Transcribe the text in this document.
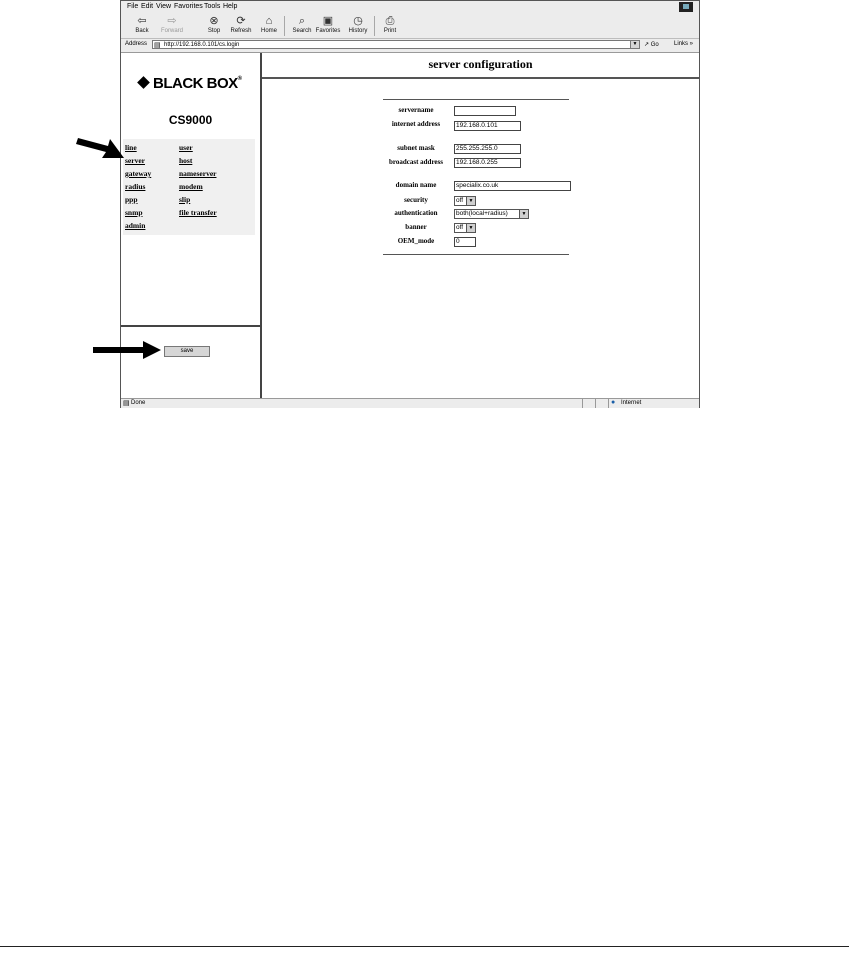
File Edit View Favorites Tools Help
⇦
Back
⇨
Forward
⊗
Stop
⟳
Refresh
⌂
Home
⌕
Search
▣
Favorites
◷
History
⎙
Print
Address ▤ http://192.168.0.101/cs.login	▼ ↗ Go	Links »
BLACK BOX®
CS9000
line	user
server	host
gateway	nameserver
radius	modem
ppp	slip
snmp	file transfer
admin
save
server configuration
servername
internet address	192.168.0.101
subnet mask	255.255.255.0
broadcast address	192.168.0.255
domain name	specialix.co.uk
security	off	▼
authentication	both(local+radius)	▼
banner	off	▼
OEM_mode	0
▤ Done	● Internet
